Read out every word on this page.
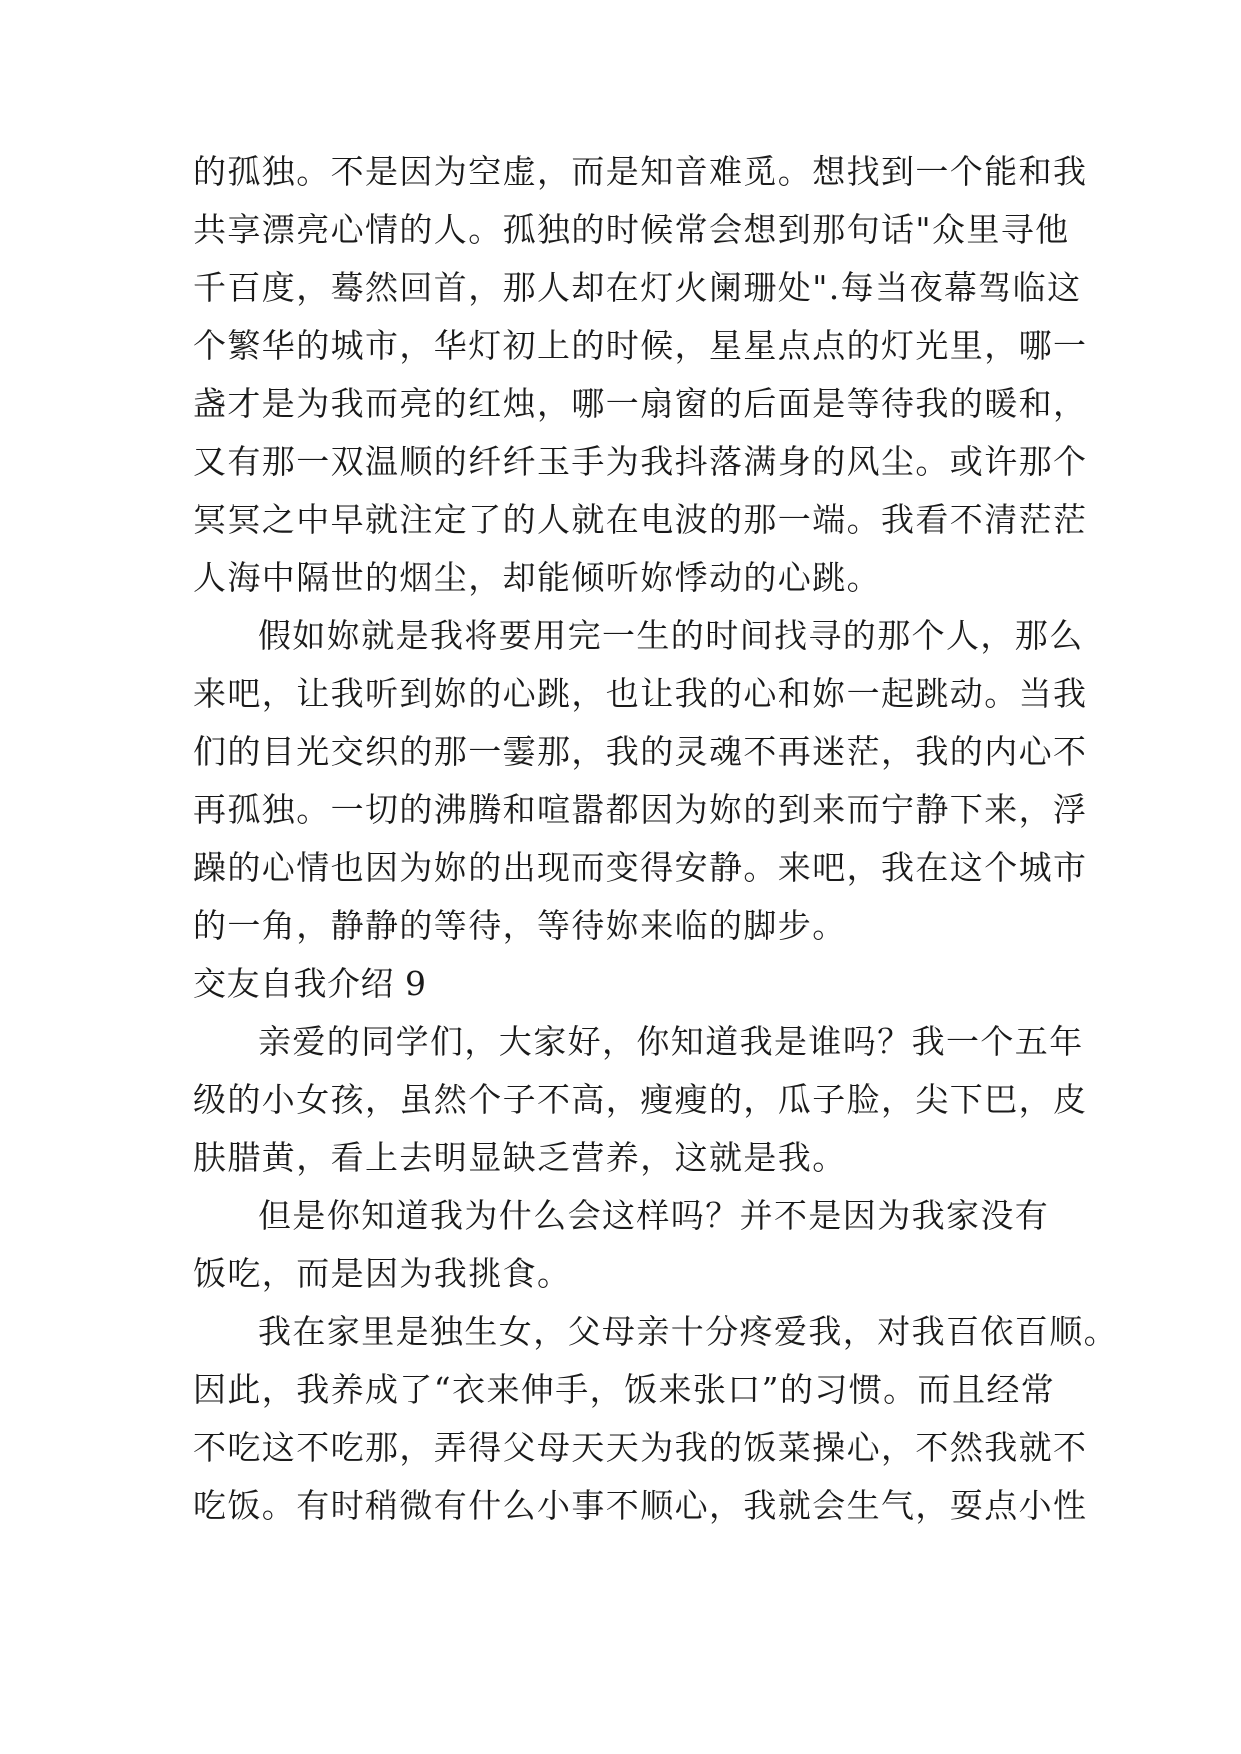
的孤独。不是因为空虚，而是知音难觅。想找到一个能和我
共享漂亮心情的人。孤独的时候常会想到那句话"众里寻他
千百度，蓦然回首，那人却在灯火阑珊处".每当夜幕驾临这
个繁华的城市，华灯初上的时候，星星点点的灯光里，哪一
盏才是为我而亮的红烛，哪一扇窗的后面是等待我的暖和，
又有那一双温顺的纤纤玉手为我抖落满身的风尘。或许那个
冥冥之中早就注定了的人就在电波的那一端。我看不清茫茫
人海中隔世的烟尘，却能倾听妳悸动的心跳。
假如妳就是我将要用完一生的时间找寻的那个人，那么
来吧，让我听到妳的心跳，也让我的心和妳一起跳动。当我
们的目光交织的那一霎那，我的灵魂不再迷茫，我的内心不
再孤独。一切的沸腾和喧嚣都因为妳的到来而宁静下来，浮
躁的心情也因为妳的出现而变得安静。来吧，我在这个城市
的一角，静静的等待，等待妳来临的脚步。
交友自我介绍 9
亲爱的同学们，大家好，你知道我是谁吗？我一个五年
级的小女孩，虽然个子不高，瘦瘦的，瓜子脸，尖下巴，皮
肤腊黄，看上去明显缺乏营养，这就是我。
但是你知道我为什么会这样吗？并不是因为我家没有
饭吃，而是因为我挑食。
我在家里是独生女，父母亲十分疼爱我，对我百依百顺。
因此，我养成了“衣来伸手，饭来张口”的习惯。而且经常
不吃这不吃那，弄得父母天天为我的饭菜操心，不然我就不
吃饭。有时稍微有什么小事不顺心，我就会生气，耍点小性
